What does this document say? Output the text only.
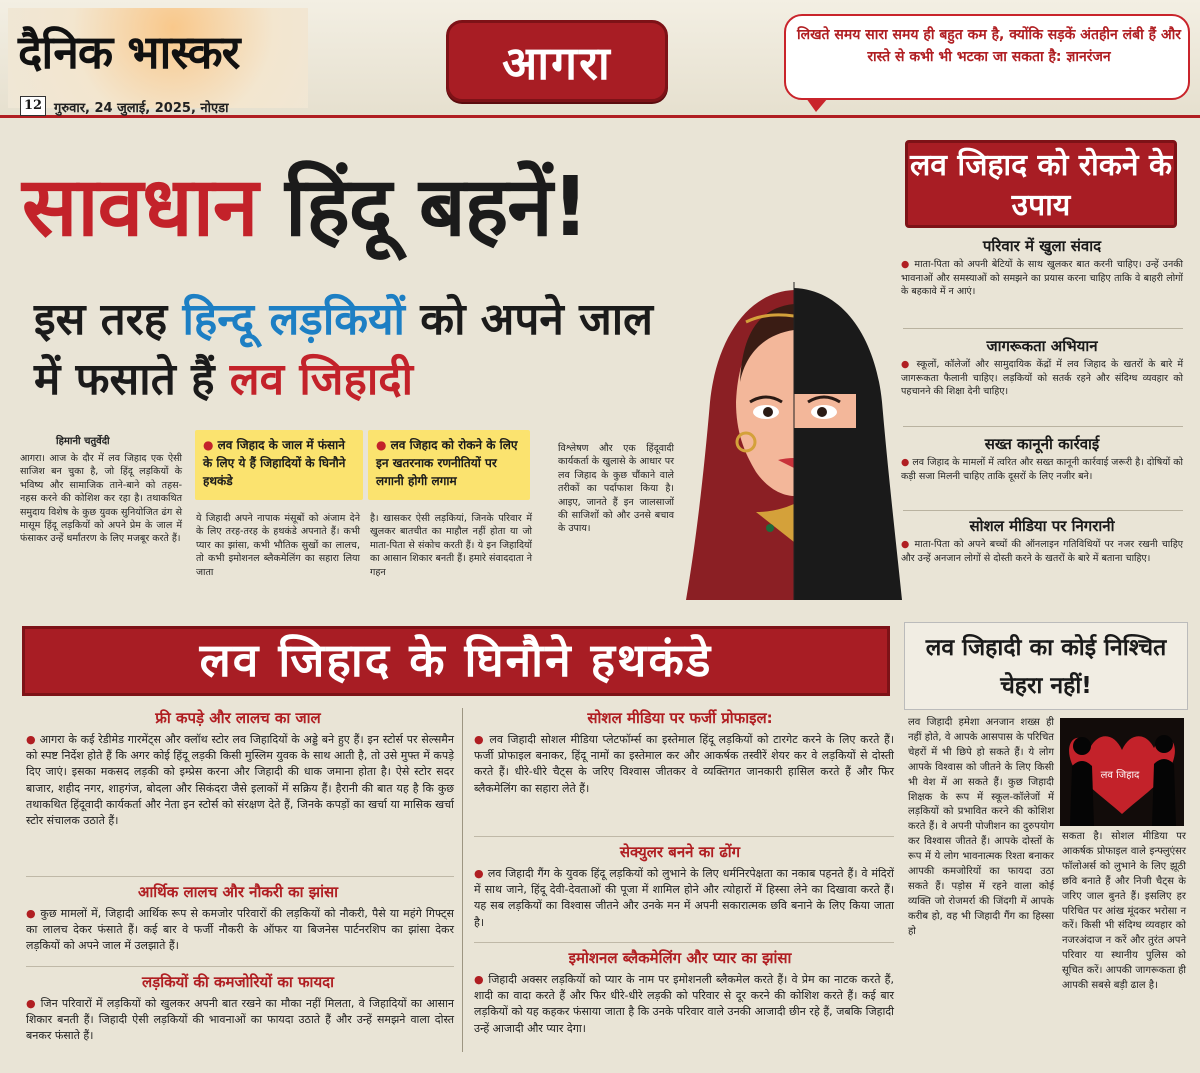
दैनिक भास्कर
12 गुरुवार, 24 जुलाई, 2025, नोएडा
आगरा
लिखते समय सारा समय ही बहुत कम है, क्योंकि सड़कें अंतहीन लंबी हैं और रास्ते से कभी भी भटका जा सकता है: ज्ञानरंजन
सावधान हिंदू बहनें!
इस तरह हिन्दू लड़कियों को अपने जाल में फसाते हैं लव जिहादी
हिमानी चतुर्वेदी
आगरा। आज के दौर में लव जिहाद एक ऐसी साजिश बन चुका है, जो हिंदू लड़कियों के भविष्य और सामाजिक ताने-बाने को तहस-नहस करने की कोशिश कर रहा है। तथाकथित समुदाय विशेष के कुछ युवक सुनियोजित ढंग से मासूम हिंदू लड़कियों को अपने प्रेम के जाल में फंसाकर उन्हें धर्मांतरण के लिए मजबूर करते हैं।
● लव जिहाद के जाल में फंसाने के लिए ये हैं जिहादियों के घिनौने हथकंडे
● लव जिहाद को रोकने के लिए इन खतरनाक रणनीतियों पर लगानी होगी लगाम
ये जिहादी अपने नापाक मंसूबों को अंजाम देने के लिए तरह-तरह के हथकंडे अपनाते हैं। कभी प्यार का झांसा, कभी भौतिक सुखों का लालच, तो कभी इमोशनल ब्लैकमेलिंग का सहारा लिया जाता
है। खासकर ऐसी लड़कियां, जिनके परिवार में खुलकर बातचीत का माहौल नहीं होता या जो माता-पिता से संकोच करती हैं। ये इन जिहादियों का आसान शिकार बनती हैं। हमारे संवाददाता ने गहन
विश्लेषण और एक हिंदूवादी कार्यकर्ता के खुलासे के आधार पर लव जिहाद के कुछ चौंकाने वाले तरीकों का पर्दाफाश किया है। आइए, जानते हैं इन जालसाजों की साजिशों को और उनसे बचाव के उपाय।
लव जिहाद को रोकने के उपाय
परिवार में खुला संवाद
● माता-पिता को अपनी बेटियों के साथ खुलकर बात करनी चाहिए। उन्हें उनकी भावनाओं और समस्याओं को समझने का प्रयास करना चाहिए ताकि वे बाहरी लोगों के बहकावे में न आएं।
जागरूकता अभियान
● स्कूलों, कॉलेजों और सामुदायिक केंद्रों में लव जिहाद के खतरों के बारे में जागरूकता फैलानी चाहिए। लड़कियों को सतर्क रहने और संदिग्ध व्यवहार को पहचानने की शिक्षा देनी चाहिए।
सख्त कानूनी कार्रवाई
● लव जिहाद के मामलों में त्वरित और सख्त कानूनी कार्रवाई जरूरी है। दोषियों को कड़ी सजा मिलनी चाहिए ताकि दूसरों के लिए नजीर बने।
सोशल मीडिया पर निगरानी
● माता-पिता को अपने बच्चों की ऑनलाइन गतिविधियों पर नजर रखनी चाहिए और उन्हें अनजान लोगों से दोस्ती करने के खतरों के बारे में बताना चाहिए।
लव जिहाद के घिनौने हथकंडे
फ्री कपड़े और लालच का जाल
● आगरा के कई रेडीमेड गारमेंट्स और क्लॉथ स्टोर लव जिहादियों के अड्डे बने हुए हैं। इन स्टोर्स पर सेल्समैन को स्पष्ट निर्देश होते हैं कि अगर कोई हिंदू लड़की किसी मुस्लिम युवक के साथ आती है, तो उसे मुफ्त में कपड़े दिए जाएं। इसका मकसद लड़की को इम्प्रेस करना और जिहादी की धाक जमाना होता है। ऐसे स्टोर सदर बाजार, शहीद नगर, शाहगंज, बोदला और सिकंदरा जैसे इलाकों में सक्रिय हैं। हैरानी की बात यह है कि कुछ तथाकथित हिंदूवादी कार्यकर्ता और नेता इन स्टोर्स को संरक्षण देते हैं, जिनके कपड़ों का खर्चा या मासिक खर्चा स्टोर संचालक उठाते हैं।
आर्थिक लालच और नौकरी का झांसा
● कुछ मामलों में, जिहादी आर्थिक रूप से कमजोर परिवारों की लड़कियों को नौकरी, पैसे या महंगे गिफ्ट्स का लालच देकर फंसाते हैं। कई बार वे फर्जी नौकरी के ऑफर या बिजनेस पार्टनरशिप का झांसा देकर लड़कियों को अपने जाल में उलझाते हैं।
लड़कियों की कमजोरियों का फायदा
● जिन परिवारों में लड़कियों को खुलकर अपनी बात रखने का मौका नहीं मिलता, वे जिहादियों का आसान शिकार बनती हैं। जिहादी ऐसी लड़कियों की भावनाओं का फायदा उठाते हैं और उन्हें समझने वाला दोस्त बनकर फंसाते हैं।
सोशल मीडिया पर फर्जी प्रोफाइल:
● लव जिहादी सोशल मीडिया प्लेटफॉर्म्स का इस्तेमाल हिंदू लड़कियों को टारगेट करने के लिए करते हैं। फर्जी प्रोफाइल बनाकर, हिंदू नामों का इस्तेमाल कर और आकर्षक तस्वीरें शेयर कर वे लड़कियों से दोस्ती करते हैं। धीरे-धीरे चैट्स के जरिए विश्वास जीतकर वे व्यक्तिगत जानकारी हासिल करते हैं और फिर ब्लैकमेलिंग का सहारा लेते हैं।
सेक्युलर बनने का ढोंग
● लव जिहादी गैंग के युवक हिंदू लड़कियों को लुभाने के लिए धर्मनिरपेक्षता का नकाब पहनते हैं। वे मंदिरों में साथ जाने, हिंदू देवी-देवताओं की पूजा में शामिल होने और त्योहारों में हिस्सा लेने का दिखावा करते हैं। यह सब लड़कियों का विश्वास जीतने और उनके मन में अपनी सकारात्मक छवि बनाने के लिए किया जाता है।
इमोशनल ब्लैकमेलिंग और प्यार का झांसा
● जिहादी अक्सर लड़कियों को प्यार के नाम पर इमोशनली ब्लैकमेल करते हैं। वे प्रेम का नाटक करते हैं, शादी का वादा करते हैं और फिर धीरे-धीरे लड़की को परिवार से दूर करने की कोशिश करते हैं। कई बार लड़कियों को यह कहकर फंसाया जाता है कि उनके परिवार वाले उनकी आजादी छीन रहे हैं, जबकि जिहादी उन्हें आजादी और प्यार देगा।
लव जिहादी का कोई निश्चित चेहरा नहीं!
लव जिहाद
लव जिहादी हमेशा अनजान शख्स ही नहीं होते, वे आपके आसपास के परिचित चेहरों में भी छिपे हो सकते हैं। ये लोग आपके विश्वास को जीतने के लिए किसी भी वेश में आ सकते हैं। कुछ जिहादी शिक्षक के रूप में स्कूल-कॉलेजों में लड़कियों को प्रभावित करने की कोशिश करते हैं। वे अपनी पोजीशन का दुरुपयोग कर विश्वास जीतते हैं। आपके दोस्तों के रूप में ये लोग भावनात्मक रिश्ता बनाकर आपकी कमजोरियों का फायदा उठा सकते हैं। पड़ोस में रहने वाला कोई व्यक्ति जो रोजमर्रा की जिंदगी में आपके करीब हो, वह भी जिहादी गैंग का हिस्सा हो
सकता है। सोशल मीडिया पर आकर्षक प्रोफाइल वाले इन्फ्लुएंसर फॉलोअर्स को लुभाने के लिए झूठी छवि बनाते हैं और निजी चैट्स के जरिए जाल बुनते हैं। इसलिए हर परिचित पर आंख मूंदकर भरोसा न करें। किसी भी संदिग्ध व्यवहार को नजरअंदाज न करें और तुरंत अपने परिवार या स्थानीय पुलिस को सूचित करें। आपकी जागरूकता ही आपकी सबसे बड़ी ढाल है।
